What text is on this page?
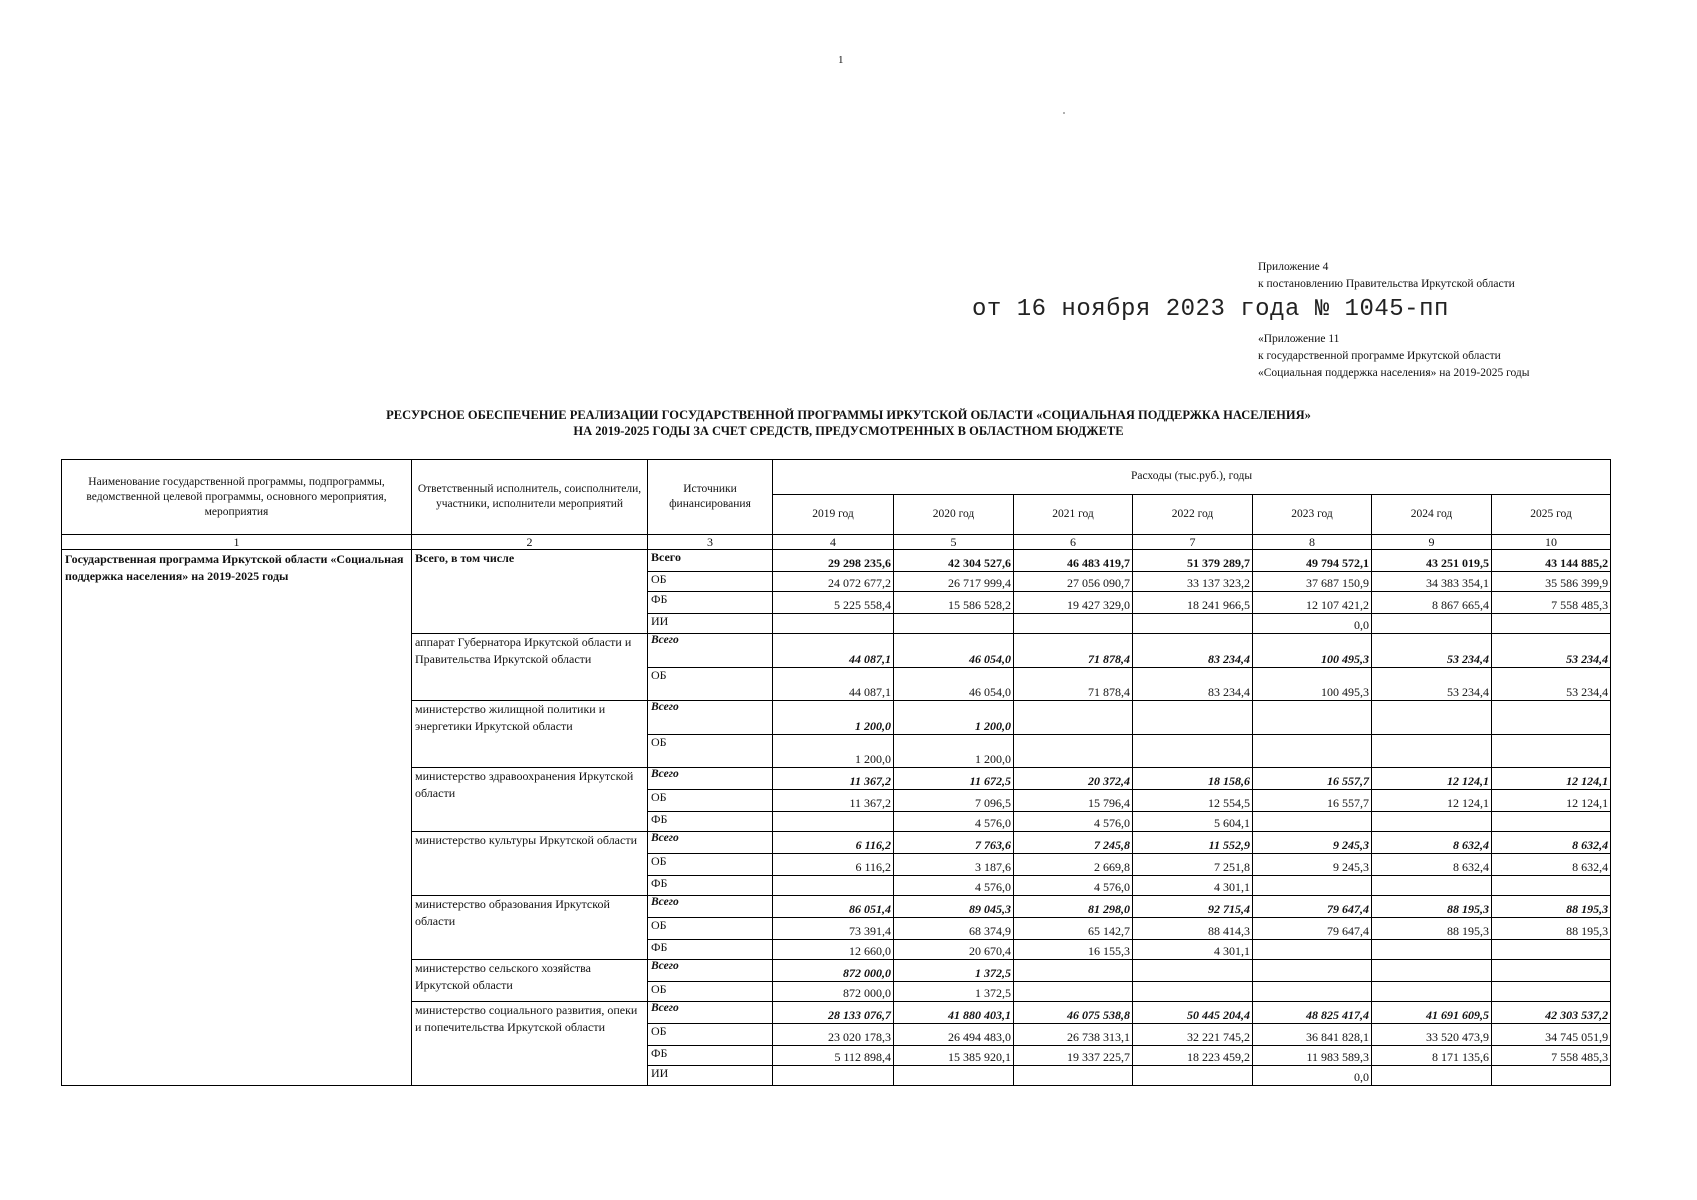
1
Приложение 4
к постановлению Правительства Иркутской области
от 16 ноября 2023 года № 1045-пп
«Приложение 11
к государственной программе Иркутской области
«Социальная поддержка населения» на 2019-2025 годы
РЕСУРСНОЕ ОБЕСПЕЧЕНИЕ РЕАЛИЗАЦИИ ГОСУДАРСТВЕННОЙ ПРОГРАММЫ ИРКУТСКОЙ ОБЛАСТИ «СОЦИАЛЬНАЯ ПОДДЕРЖКА НАСЕЛЕНИЯ»
НА 2019-2025 ГОДЫ ЗА СЧЕТ СРЕДСТВ, ПРЕДУСМОТРЕННЫХ В ОБЛАСТНОМ БЮДЖЕТЕ
Наименование государственной программы, подпрограммы, ведомственной целевой программы, основного мероприятия, мероприятия	Ответственный исполнитель, соисполнители, участники, исполнители мероприятий	Источники финансирования	Расходы (тыс.руб.), годы						
			2019 год	2020 год	2021 год	2022 год	2023 год	2024 год	2025 год
1	2	3	4	5	6	7	8	9	10
Государственная программа Иркутской области «Социальная поддержка населения» на 2019-2025 годы	Всего, в том числе	Всего	29 298 235,6	42 304 527,6	46 483 419,7	51 379 289,7	49 794 572,1	43 251 019,5	43 144 885,2
		ОБ	24 072 677,2	26 717 999,4	27 056 090,7	33 137 323,2	37 687 150,9	34 383 354,1	35 586 399,9
		ФБ	5 225 558,4	15 586 528,2	19 427 329,0	18 241 966,5	12 107 421,2	8 867 665,4	7 558 485,3
		ИИ					0,0		
	аппарат Губернатора Иркутской области и Правительства Иркутской области	Всего	44 087,1	46 054,0	71 878,4	83 234,4	100 495,3	53 234,4	53 234,4
		ОБ	44 087,1	46 054,0	71 878,4	83 234,4	100 495,3	53 234,4	53 234,4
	министерство жилищной политики и энергетики Иркутской области	Всего	1 200,0	1 200,0					
		ОБ	1 200,0	1 200,0					
	министерство здравоохранения Иркутской области	Всего	11 367,2	11 672,5	20 372,4	18 158,6	16 557,7	12 124,1	12 124,1
		ОБ	11 367,2	7 096,5	15 796,4	12 554,5	16 557,7	12 124,1	12 124,1
		ФБ		4 576,0	4 576,0	5 604,1			
	министерство культуры Иркутской области	Всего	6 116,2	7 763,6	7 245,8	11 552,9	9 245,3	8 632,4	8 632,4
		ОБ	6 116,2	3 187,6	2 669,8	7 251,8	9 245,3	8 632,4	8 632,4
		ФБ		4 576,0	4 576,0	4 301,1			
	министерство образования Иркутской области	Всего	86 051,4	89 045,3	81 298,0	92 715,4	79 647,4	88 195,3	88 195,3
		ОБ	73 391,4	68 374,9	65 142,7	88 414,3	79 647,4	88 195,3	88 195,3
		ФБ	12 660,0	20 670,4	16 155,3	4 301,1			
	министерство сельского хозяйства Иркутской области	Всего	872 000,0	1 372,5					
		ОБ	872 000,0	1 372,5					
	министерство социального развития, опеки и попечительства Иркутской области	Всего	28 133 076,7	41 880 403,1	46 075 538,8	50 445 204,4	48 825 417,4	41 691 609,5	42 303 537,2
		ОБ	23 020 178,3	26 494 483,0	26 738 313,1	32 221 745,2	36 841 828,1	33 520 473,9	34 745 051,9
		ФБ	5 112 898,4	15 385 920,1	19 337 225,7	18 223 459,2	11 983 589,3	8 171 135,6	7 558 485,3
		ИИ					0,0		
